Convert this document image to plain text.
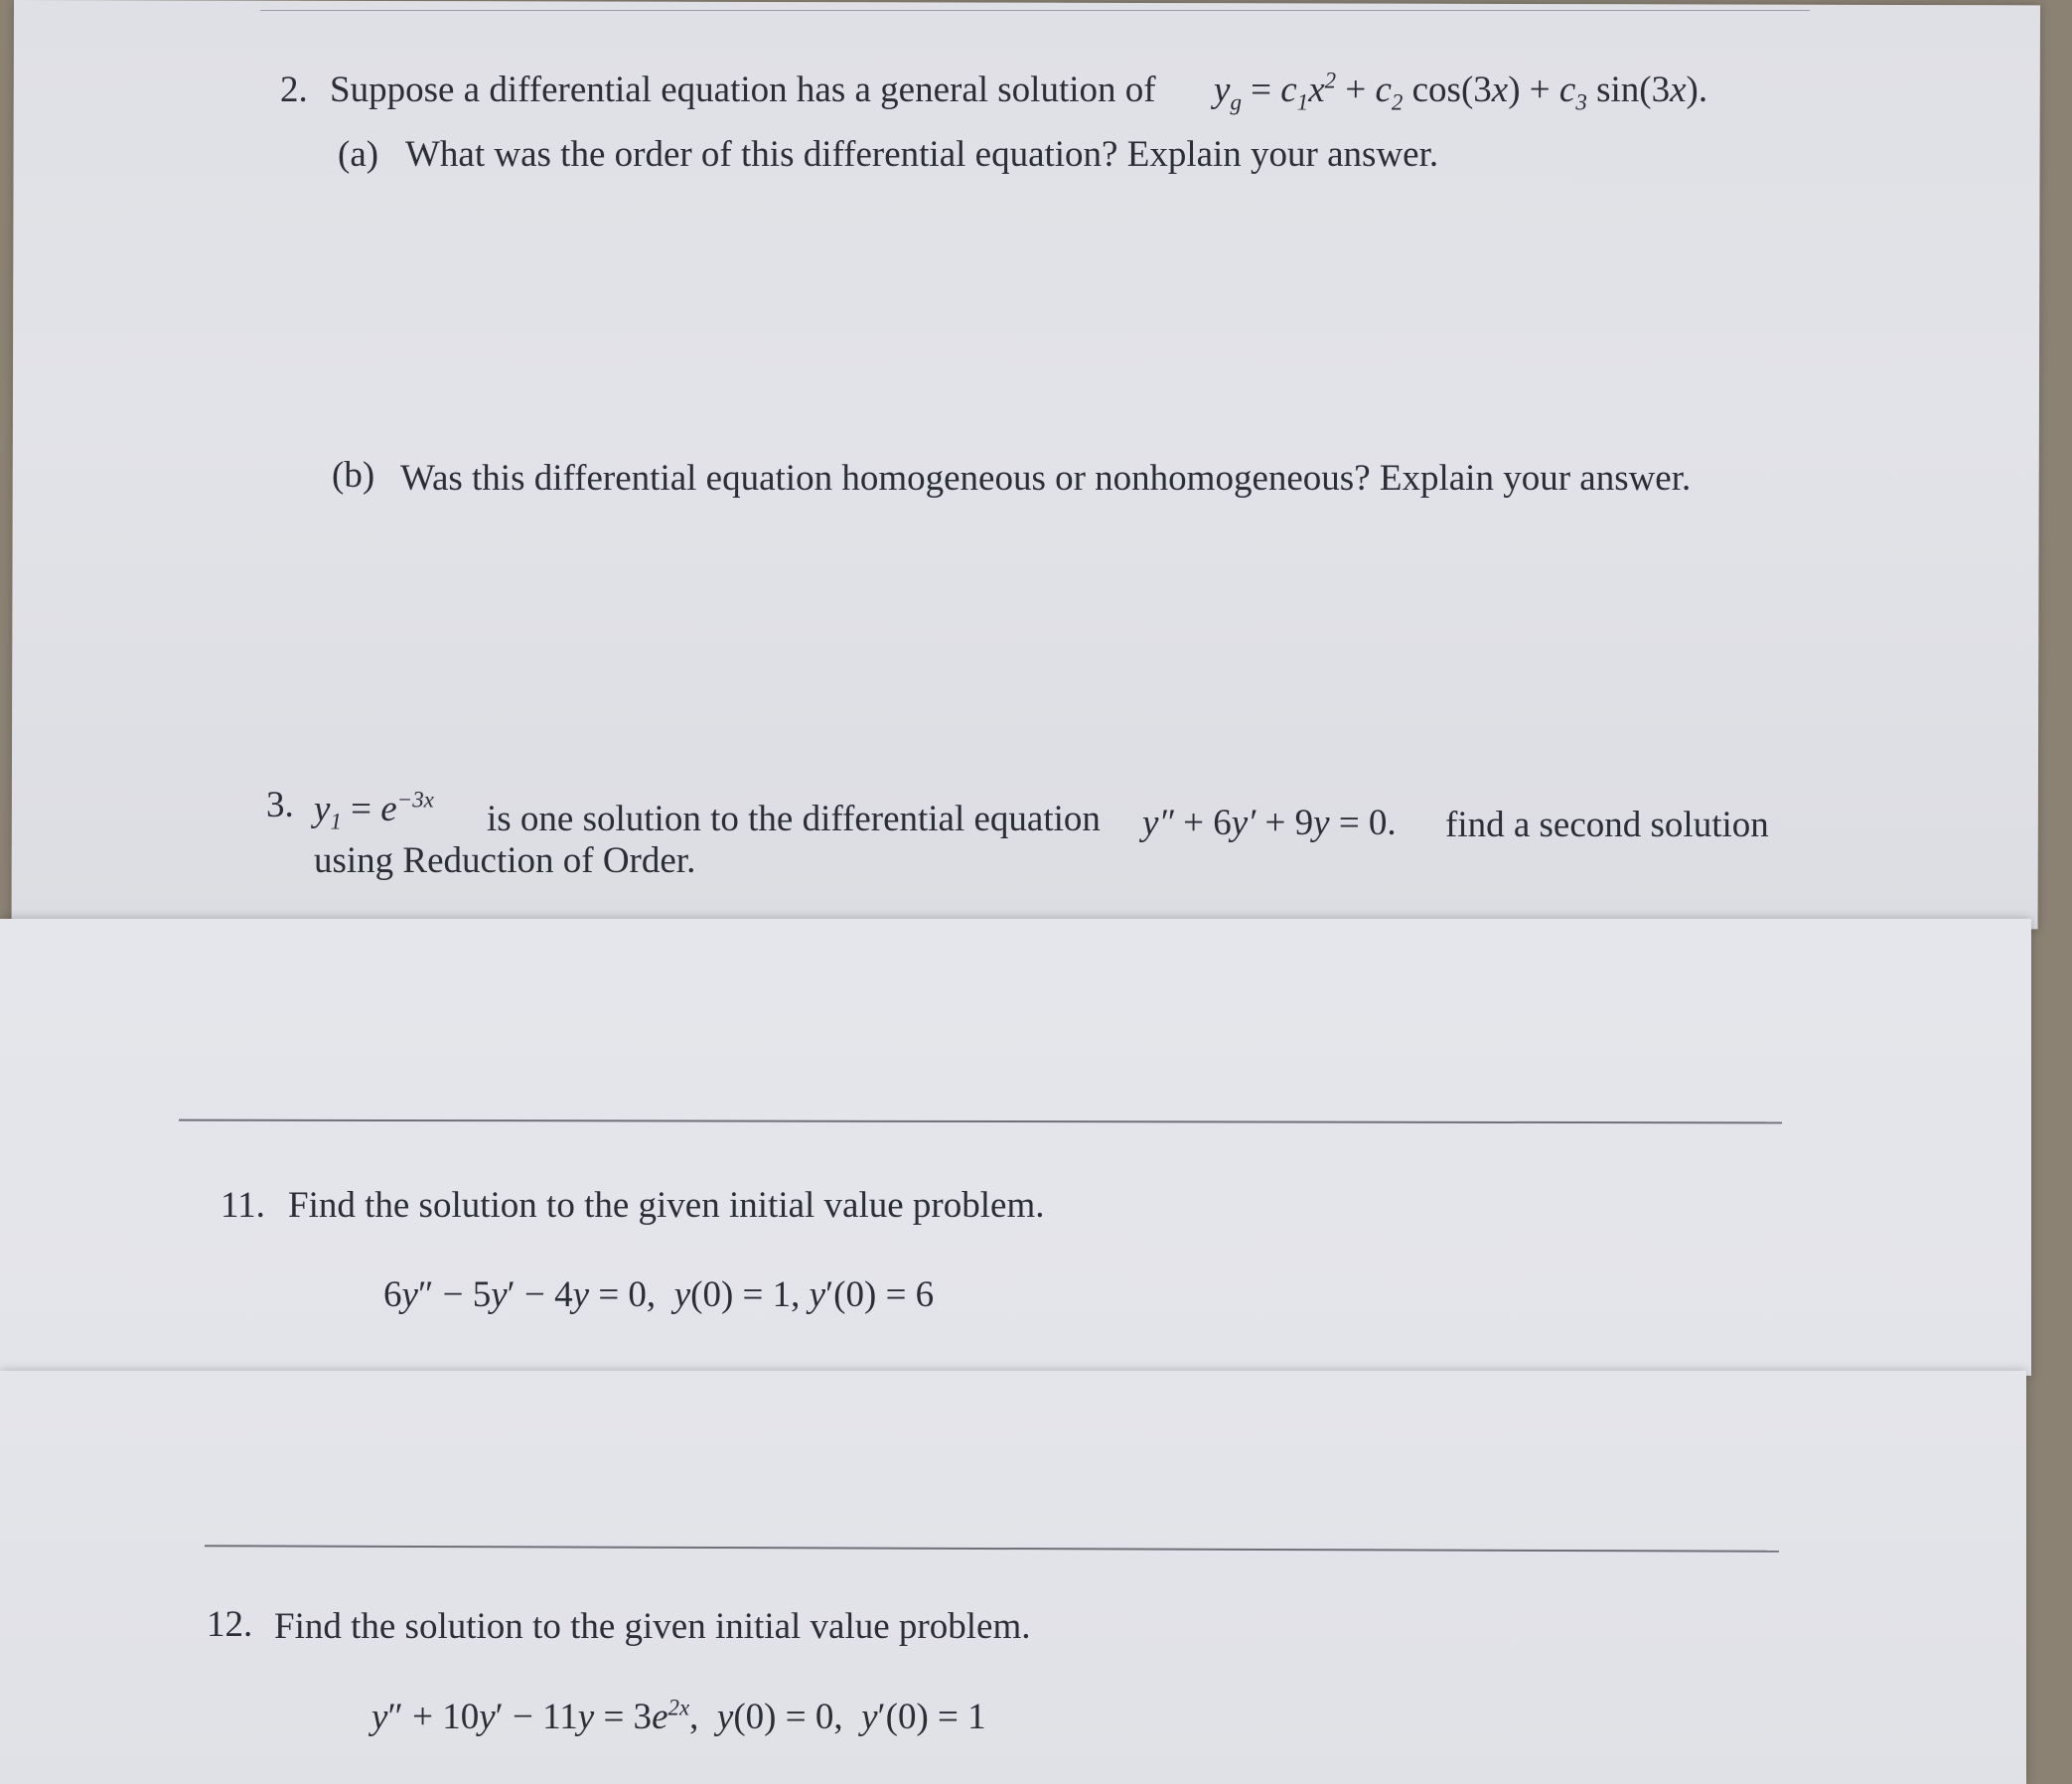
2. Suppose a differential equation has a general solution of $y_g = c_1x^2 + c_2$ $\cos(3x) + c_3$ sin(3x).
(a) What was the order of this differential equation? Explain your answer.
(b) Was this differential equation homogeneous or nonhomogeneous? Explain your answer.
3. $y_1 = e^{-3x}$ is one solution to the differential equation y″ + 6y′ + 9y = 0. find a second solution
using Reduction of Order.
11. Find the solution to the given initial value problem.
6y″ − 5y′ − 4y = 0,  y(0) = 1, y′(0) = 6
12. Find the solution to the given initial value problem.
$y'' + 10y' - 11y = 3e^{2x}$,  y(0) = 0,  y′(0) = 1
